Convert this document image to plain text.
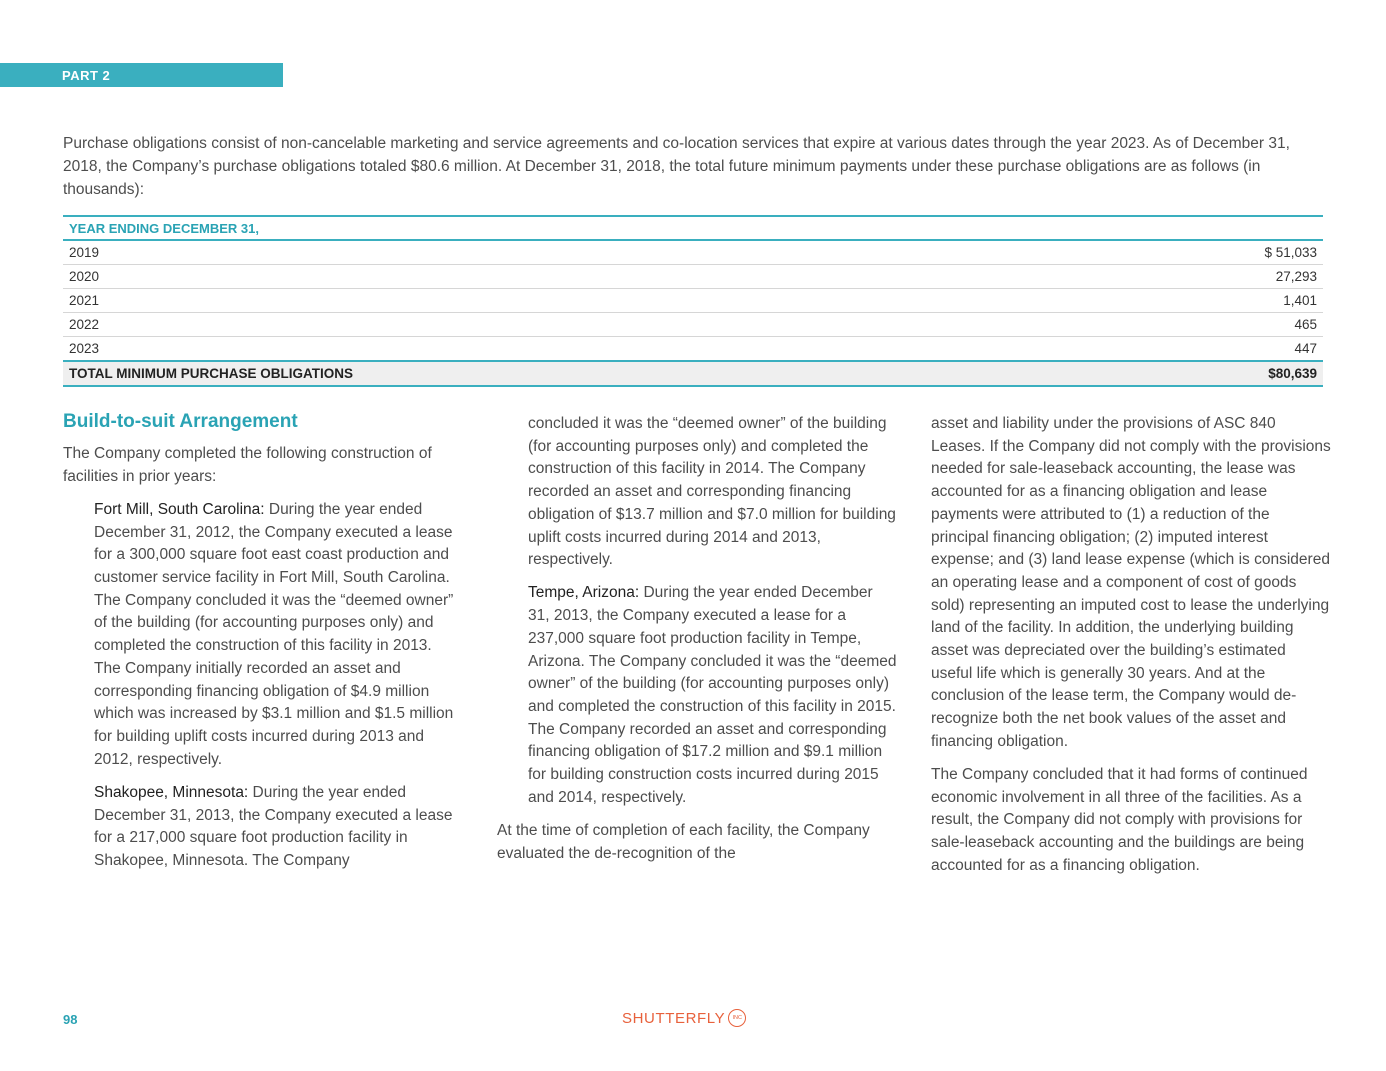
PART 2

Purchase obligations consist of non-cancelable marketing and service agreements and co-location services that expire at various dates through the year 2023. As of December 31, 2018, the Company’s purchase obligations totaled $80.6 million. At December 31, 2018, the total future minimum payments under these purchase obligations are as follows (in thousands):

YEAR ENDING DECEMBER 31,	
2019	$ 51,033
2020	27,293
2021	1,401
2022	465
2023	447
TOTAL MINIMUM PURCHASE OBLIGATIONS	$80,639
Build-to-suit Arrangement

The Company completed the following construction of facilities in prior years:

Fort Mill, South Carolina: During the year ended December 31, 2012, the Company executed a lease for a 300,000 square foot east coast production and customer service facility in Fort Mill, South Carolina. The Company concluded it was the “deemed owner” of the building (for accounting purposes only) and completed the construction of this facility in 2013. The Company initially recorded an asset and corresponding financing obligation of $4.9 million which was increased by $3.1 million and $1.5 million for building uplift costs incurred during 2013 and 2012, respectively.

Shakopee, Minnesota: During the year ended December 31, 2013, the Company executed a lease for a 217,000 square foot production facility in Shakopee, Minnesota. The Company

concluded it was the “deemed owner” of the building (for accounting purposes only) and completed the construction of this facility in 2014. The Company recorded an asset and corresponding financing obligation of $13.7 million and $7.0 million for building uplift costs incurred during 2014 and 2013, respectively.

Tempe, Arizona: During the year ended December 31, 2013, the Company executed a lease for a 237,000 square foot production facility in Tempe, Arizona. The Company concluded it was the “deemed owner” of the building (for accounting purposes only) and completed the construction of this facility in 2015. The Company recorded an asset and corresponding financing obligation of $17.2 million and $9.1 million for building construction costs incurred during 2015 and 2014, respectively.

At the time of completion of each facility, the Company evaluated the de-recognition of the

asset and liability under the provisions of ASC 840 Leases. If the Company did not comply with the provisions needed for sale-leaseback accounting, the lease was accounted for as a financing obligation and lease payments were attributed to (1) a reduction of the principal financing obligation; (2) imputed interest expense; and (3) land lease expense (which is considered an operating lease and a component of cost of goods sold) representing an imputed cost to lease the underlying land of the facility. In addition, the underlying building asset was depreciated over the building’s estimated useful life which is generally 30 years. And at the conclusion of the lease term, the Company would de-recognize both the net book values of the asset and financing obligation.

The Company concluded that it had forms of continued economic involvement in all three of the facilities. As a result, the Company did not comply with provisions for sale-leaseback accounting and the buildings are being accounted for as a financing obligation.

98	SHUTTERFLY	INC
